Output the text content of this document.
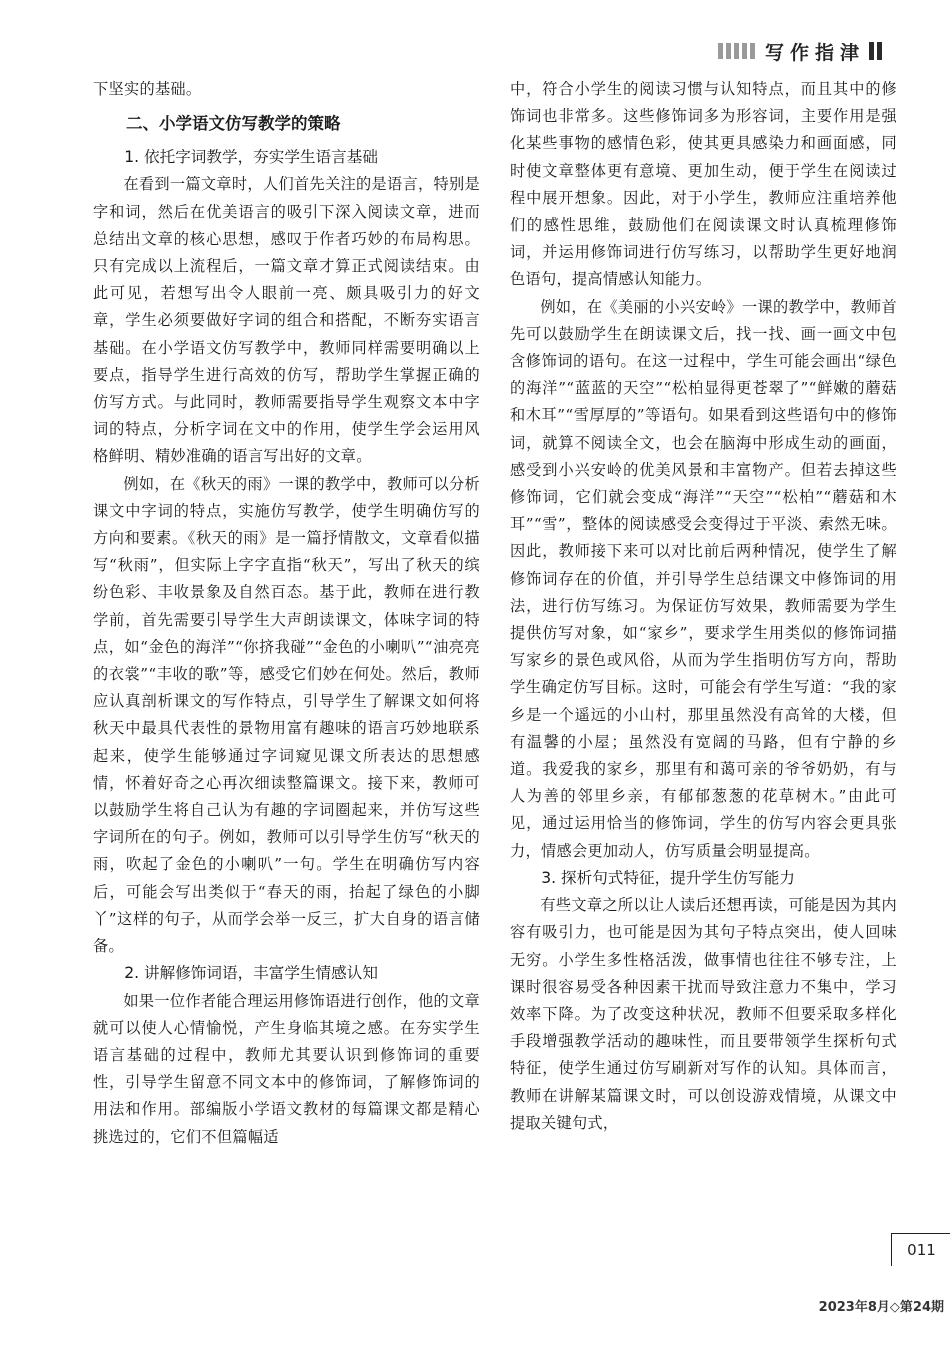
写作指津

下坚实的基础。

二、小学语文仿写教学的策略
1. 依托字词教学，夯实学生语言基础

在看到一篇文章时，人们首先关注的是语言，特别是字和词，然后在优美语言的吸引下深入阅读文章，进而总结出文章的核心思想，感叹于作者巧妙的布局构思。只有完成以上流程后，一篇文章才算正式阅读结束。由此可见，若想写出令人眼前一亮、颇具吸引力的好文章，学生必须要做好字词的组合和搭配，不断夯实语言基础。在小学语文仿写教学中，教师同样需要明确以上要点，指导学生进行高效的仿写，帮助学生掌握正确的仿写方式。与此同时，教师需要指导学生观察文本中字词的特点，分析字词在文中的作用，使学生学会运用风格鲜明、精妙准确的语言写出好的文章。

例如，在《秋天的雨》一课的教学中，教师可以分析课文中字词的特点，实施仿写教学，使学生明确仿写的方向和要素。《秋天的雨》是一篇抒情散文，文章看似描写“秋雨”，但实际上字字直指“秋天”，写出了秋天的缤纷色彩、丰收景象及自然百态。基于此，教师在进行教学前，首先需要引导学生大声朗读课文，体味字词的特点，如“金色的海洋”“你挤我碰”“金色的小喇叭”“油亮亮的衣裳”“丰收的歌”等，感受它们妙在何处。然后，教师应认真剖析课文的写作特点，引导学生了解课文如何将秋天中最具代表性的景物用富有趣味的语言巧妙地联系起来，使学生能够通过字词窥见课文所表达的思想感情，怀着好奇之心再次细读整篇课文。接下来，教师可以鼓励学生将自己认为有趣的字词圈起来，并仿写这些字词所在的句子。例如，教师可以引导学生仿写“秋天的雨，吹起了金色的小喇叭”一句。学生在明确仿写内容后，可能会写出类似于“春天的雨，抬起了绿色的小脚丫”这样的句子，从而学会举一反三，扩大自身的语言储备。

2. 讲解修饰词语，丰富学生情感认知

如果一位作者能合理运用修饰语进行创作，他的文章就可以使人心情愉悦，产生身临其境之感。在夯实学生语言基础的过程中，教师尤其要认识到修饰词的重要性，引导学生留意不同文本中的修饰词，了解修饰词的用法和作用。部编版小学语文教材的每篇课文都是精心挑选过的，它们不但篇幅适

中，符合小学生的阅读习惯与认知特点，而且其中的修饰词也非常多。这些修饰词多为形容词，主要作用是强化某些事物的感情色彩，使其更具感染力和画面感，同时使文章整体更有意境、更加生动，便于学生在阅读过程中展开想象。因此，对于小学生，教师应注重培养他们的感性思维，鼓励他们在阅读课文时认真梳理修饰词，并运用修饰词进行仿写练习，以帮助学生更好地润色语句，提高情感认知能力。

例如，在《美丽的小兴安岭》一课的教学中，教师首先可以鼓励学生在朗读课文后，找一找、画一画文中包含修饰词的语句。在这一过程中，学生可能会画出“绿色的海洋”“蓝蓝的天空”“松柏显得更苍翠了”“鲜嫩的蘑菇和木耳”“雪厚厚的”等语句。如果看到这些语句中的修饰词，就算不阅读全文，也会在脑海中形成生动的画面，感受到小兴安岭的优美风景和丰富物产。但若去掉这些修饰词，它们就会变成“海洋”“天空”“松柏”“蘑菇和木耳”“雪”，整体的阅读感受会变得过于平淡、索然无味。因此，教师接下来可以对比前后两种情况，使学生了解修饰词存在的价值，并引导学生总结课文中修饰词的用法，进行仿写练习。为保证仿写效果，教师需要为学生提供仿写对象，如“家乡”，要求学生用类似的修饰词描写家乡的景色或风俗，从而为学生指明仿写方向，帮助学生确定仿写目标。这时，可能会有学生写道：“我的家乡是一个遥远的小山村，那里虽然没有高耸的大楼，但有温馨的小屋；虽然没有宽阔的马路，但有宁静的乡道。我爱我的家乡，那里有和蔼可亲的爷爷奶奶，有与人为善的邻里乡亲，有郁郁葱葱的花草树木。”由此可见，通过运用恰当的修饰词，学生的仿写内容会更具张力，情感会更加动人，仿写质量会明显提高。

3. 探析句式特征，提升学生仿写能力

有些文章之所以让人读后还想再读，可能是因为其内容有吸引力，也可能是因为其句子特点突出，使人回味无穷。小学生多性格活泼，做事情也往往不够专注，上课时很容易受各种因素干扰而导致注意力不集中，学习效率下降。为了改变这种状况，教师不但要采取多样化手段增强教学活动的趣味性，而且要带领学生探析句式特征，使学生通过仿写刷新对写作的认知。具体而言，教师在讲解某篇课文时，可以创设游戏情境，从课文中提取关键句式，

011
2023年8月◇第24期
